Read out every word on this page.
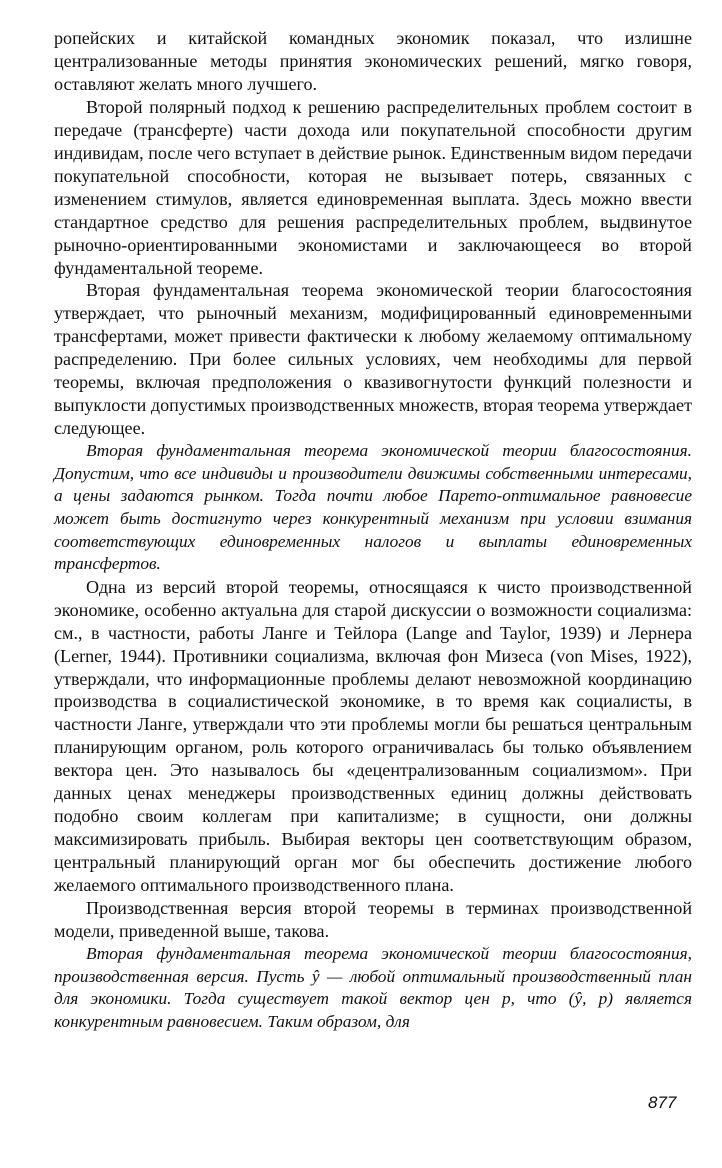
ропейских и китайской командных экономик показал, что излишне централизованные методы принятия экономических решений, мягко говоря, оставляют желать много лучшего.

Второй полярный подход к решению распределительных проблем состоит в передаче (трансферте) части дохода или покупательной способности другим индивидам, после чего вступает в действие рынок. Единственным видом передачи покупательной способности, которая не вызывает потерь, связанных с изменением стимулов, является единовременная выплата. Здесь можно ввести стандартное средство для решения распределительных проблем, выдвинутое рыночно-ориентированными экономистами и заключающееся во второй фундаментальной теореме.

Вторая фундаментальная теорема экономической теории благосостояния утверждает, что рыночный механизм, модифицированный единовременными трансфертами, может привести фактически к любому желаемому оптимальному распределению. При более сильных условиях, чем необходимы для первой теоремы, включая предположения о квазивогнутости функций полезности и выпуклости допустимых производственных множеств, вторая теорема утверждает следующее.

Вторая фундаментальная теорема экономической теории благосостояния. Допустим, что все индивиды и производители движимы собственными интересами, а цены задаются рынком. Тогда почти любое Парето-оптимальное равновесие может быть достигнуто через конкурентный механизм при условии взимания соответствующих единовременных налогов и выплаты единовременных трансфертов.

Одна из версий второй теоремы, относящаяся к чисто производственной экономике, особенно актуальна для старой дискуссии о возможности социализма: см., в частности, работы Ланге и Тейлора (Lange and Taylor, 1939) и Лернера (Lerner, 1944). Противники социализма, включая фон Мизеса (von Mises, 1922), утверждали, что информационные проблемы делают невозможной координацию производства в социалистической экономике, в то время как социалисты, в частности Ланге, утверждали что эти проблемы могли бы решаться центральным планирующим органом, роль которого ограничивалась бы только объявлением вектора цен. Это называлось бы «децентрализованным социализмом». При данных ценах менеджеры производственных единиц должны действовать подобно своим коллегам при капитализме; в сущности, они должны максимизировать прибыль. Выбирая векторы цен соответствующим образом, центральный планирующий орган мог бы обеспечить достижение любого желаемого оптимального производственного плана.

Производственная версия второй теоремы в терминах производственной модели, приведенной выше, такова.

Вторая фундаментальная теорема экономической теории благосостояния, производственная версия. Пусть ŷ — любой оптимальный производственный план для экономики. Тогда существует такой вектор цен p, что (ŷ, p) является конкурентным равновесием. Таким образом, для

877
